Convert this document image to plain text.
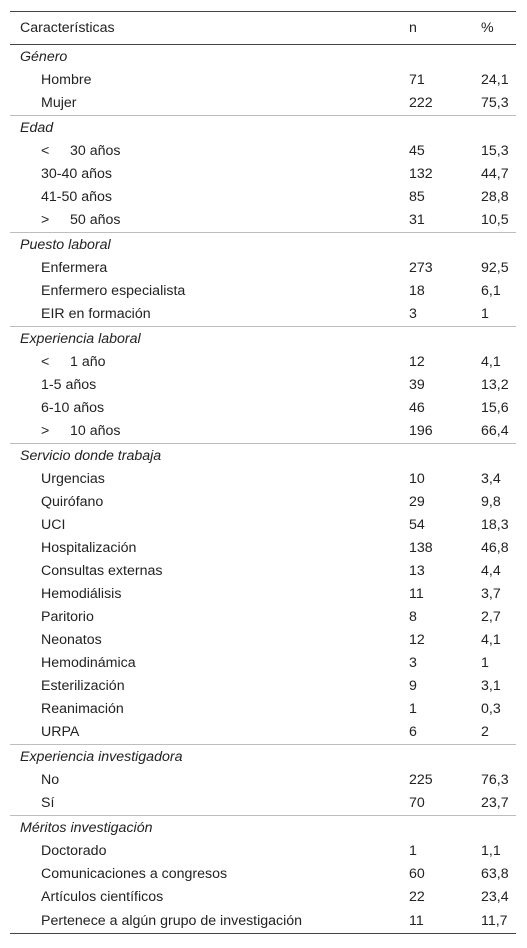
Características	n	%
Género		
Hombre	71	24,1
Mujer	222	75,3
Edad		
< 30 años	45	15,3
30-40 años	132	44,7
41-50 años	85	28,8
> 50 años	31	10,5
Puesto laboral		
Enfermera	273	92,5
Enfermero especialista	18	6,1
EIR en formación	3	1
Experiencia laboral		
< 1 año	12	4,1
1-5 años	39	13,2
6-10 años	46	15,6
> 10 años	196	66,4
Servicio donde trabaja		
Urgencias	10	3,4
Quirófano	29	9,8
UCI	54	18,3
Hospitalización	138	46,8
Consultas externas	13	4,4
Hemodiálisis	11	3,7
Paritorio	8	2,7
Neonatos	12	4,1
Hemodinámica	3	1
Esterilización	9	3,1
Reanimación	1	0,3
URPA	6	2
Experiencia investigadora		
No	225	76,3
Sí	70	23,7
Méritos investigación		
Doctorado	1	1,1
Comunicaciones a congresos	60	63,8
Artículos científicos	22	23,4
Pertenece a algún grupo de investigación	11	11,7
